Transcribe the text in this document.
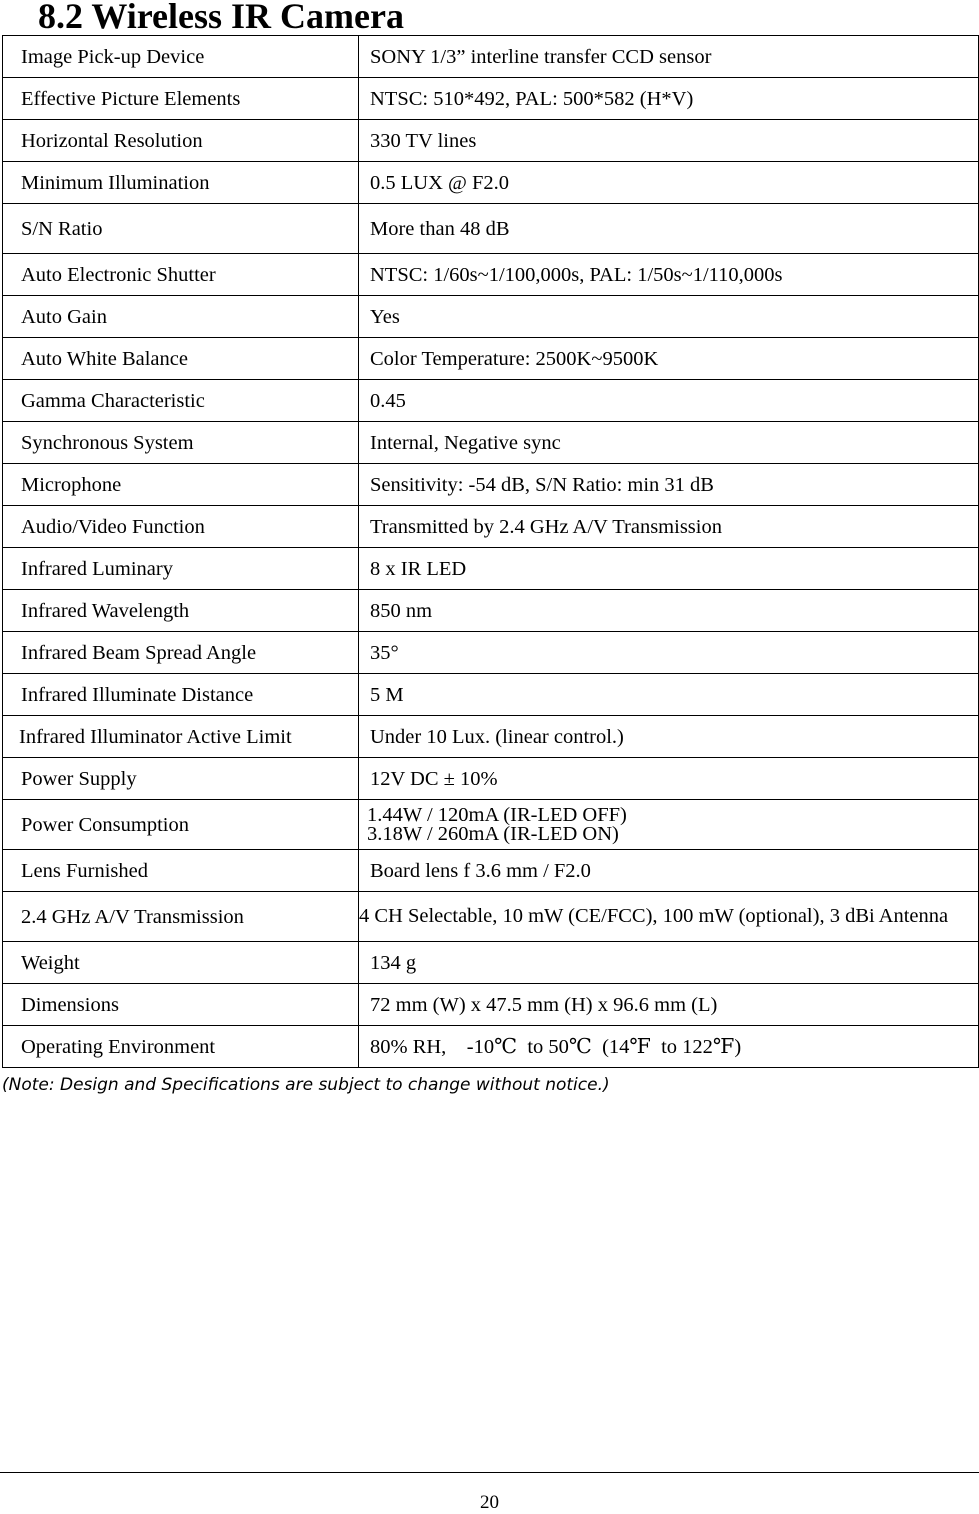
8.2 Wireless IR Camera
Image Pick-up Device	SONY 1/3” interline transfer CCD sensor
Effective Picture Elements	NTSC: 510*492, PAL: 500*582 (H*V)
Horizontal Resolution	330 TV lines
Minimum Illumination	0.5 LUX @ F2.0
S/N Ratio	More than 48 dB
Auto Electronic Shutter	NTSC: 1/60s~1/100,000s, PAL: 1/50s~1/110,000s
Auto Gain	Yes
Auto White Balance	Color Temperature: 2500K~9500K
Gamma Characteristic	0.45
Synchronous System	Internal, Negative sync
Microphone	Sensitivity: -54 dB, S/N Ratio: min 31 dB
Audio/Video Function	Transmitted by 2.4 GHz A/V Transmission
Infrared Luminary	8 x IR LED
Infrared Wavelength	850 nm
Infrared Beam Spread Angle	35°
Infrared Illuminate Distance	5 M
Infrared Illuminator Active Limit	Under 10 Lux. (linear control.)
Power Supply	12V DC ± 10%
Power Consumption	1.44W / 120mA (IR-LED OFF)
3.18W / 260mA (IR-LED ON)

Lens Furnished	Board lens f 3.6 mm / F2.0
2.4 GHz A/V Transmission	4 CH Selectable, 10 mW (CE/FCC), 100 mW (optional), 3 dBi Antenna
Weight	134 g
Dimensions	72 mm (W) x 47.5 mm (H) x 96.6 mm (L)
Operating Environment	80% RH,    -10℃  to 50℃  (14℉  to 122℉)
(Note: Design and Specifications are subject to change without notice.)
20
